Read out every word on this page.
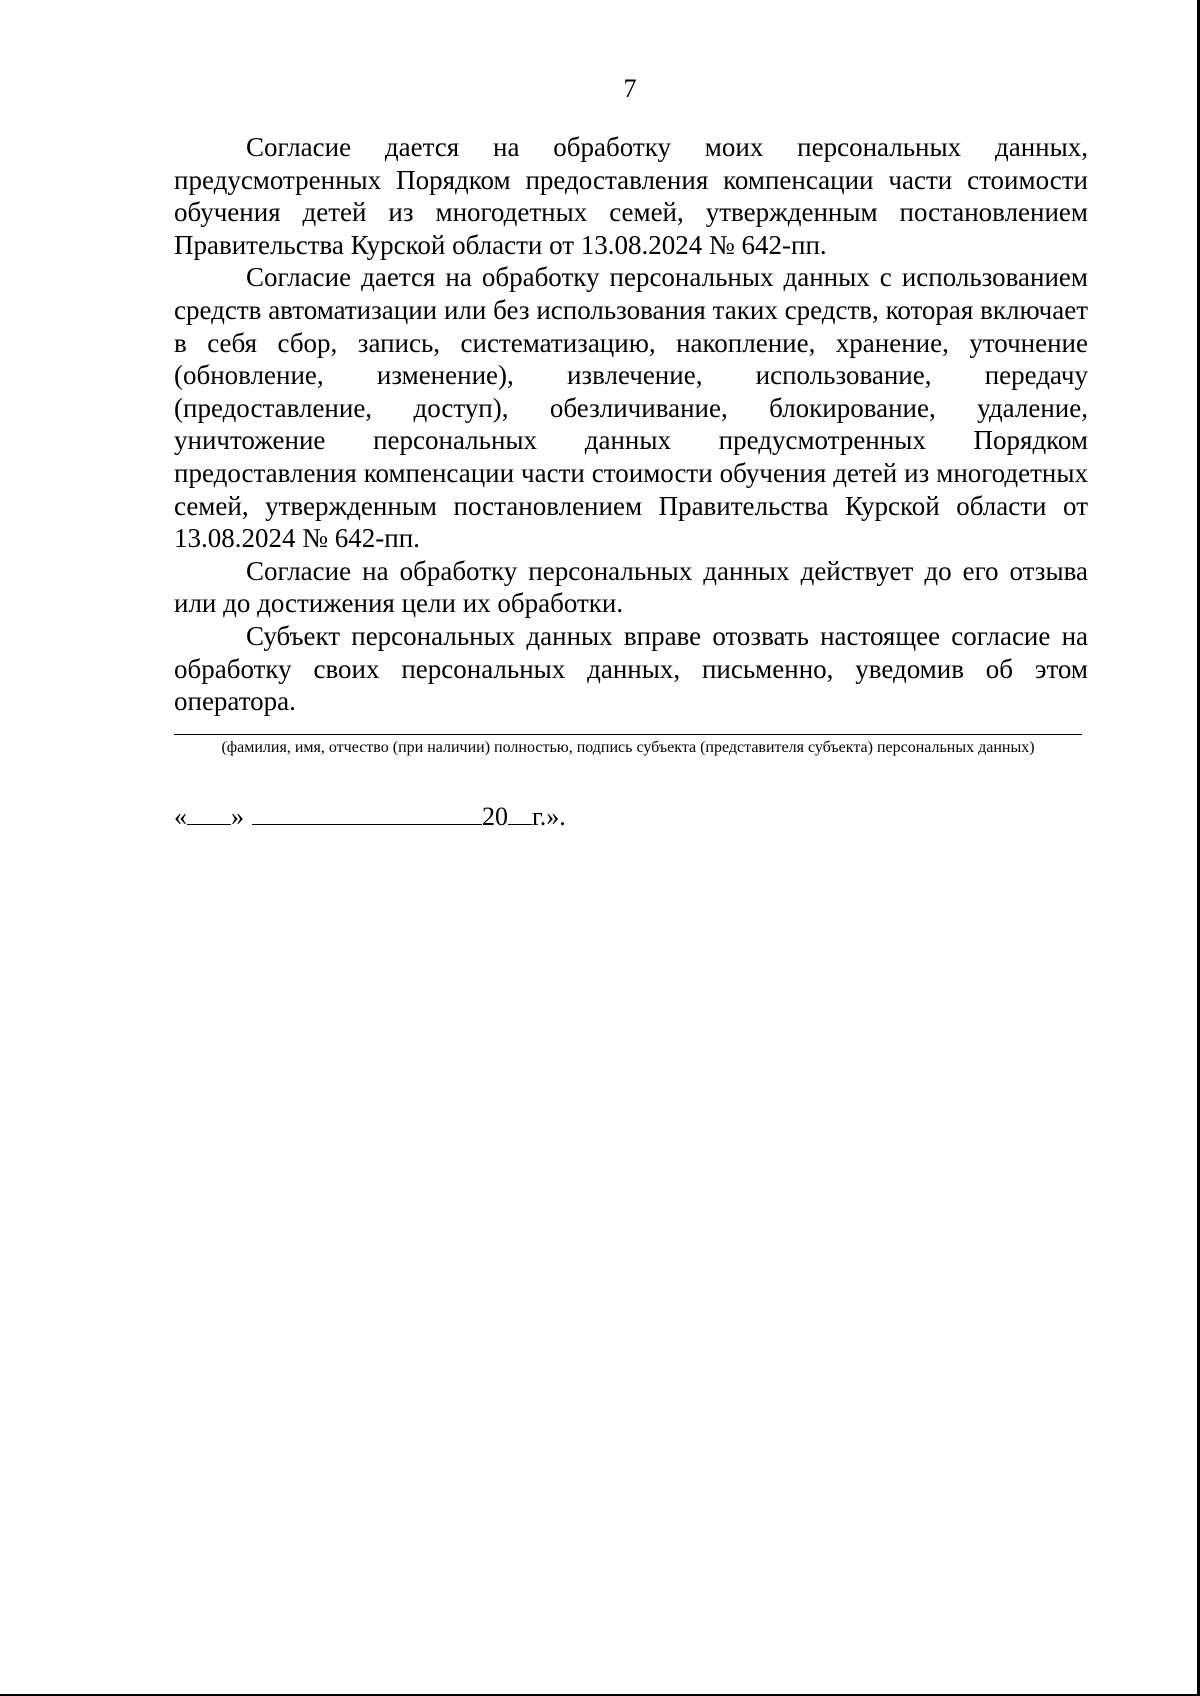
7

Согласие дается на обработку моих персональных данных, предусмотренных Порядком предоставления компенсации части стоимости обучения детей из многодетных семей, утвержденным постановлением Правительства Курской области от 13.08.2024 № 642-пп.

Согласие дается на обработку персональных данных с использованием средств автоматизации или без использования таких средств, которая включает в себя сбор, запись, систематизацию, накопление, хранение, уточнение (обновление, изменение), извлечение, использование, передачу (предоставление, доступ), обезличивание, блокирование, удаление, уничтожение персональных данных предусмотренных Порядком предоставления компенсации части стоимости обучения детей из многодетных семей, утвержденным постановлением Правительства Курской области от 13.08.2024 № 642-пп.

Согласие на обработку персональных данных действует до его отзыва или до достижения цели их обработки.

Субъект персональных данных вправе отозвать настоящее согласие на обработку своих персональных данных, письменно, уведомив об этом оператора.

(фамилия, имя, отчество (при наличии) полностью, подпись субъекта (представителя субъекта) персональных данных)
« »	20 г.».
